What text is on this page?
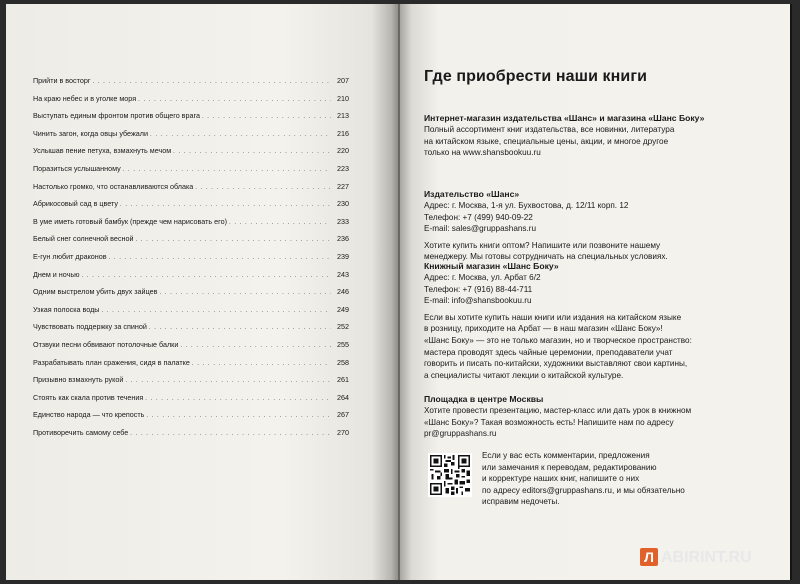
Прийти в восторг . . .	207
На краю небес и в уголке моря . . .	210
Выступать единым фронтом против общего врага . . .	213
Чинить загон, когда овцы убежали . . .	216
Услышав пение петуха, взмахнуть мечом . . .	220
Поразиться услышанному . . .	223
Настолько громко, что останавливаются облака . . .	227
Абрикосовый сад в цвету . . .	230
В уме иметь готовый бамбук (прежде чем нарисовать его) . . .	233
Белый снег солнечной весной . . .	236
Е-гун любит драконов . . .	239
Днем и ночью . . .	243
Одним выстрелом убить двух зайцев . . .	246
Узкая полоска воды . . .	249
Чувствовать поддержку за спиной . . .	252
Отзвуки песни обвивают потолочные балки . . .	255
Разрабатывать план сражения, сидя в палатке . . .	258
Призывно взмахнуть рукой . . .	261
Стоять как скала против течения . . .	264
Единство народа — что крепость . . .	267
Противоречить самому себе . . .	270
Где приобрести наши книги
Интернет-магазин издательства «Шанс» и магазина «Шанс Боку»

Полный ассортимент книг издательства, все новинки, литература

на китайском языке, специальные цены, акции, и многое другое

только на www.shansbookuu.ru

Издательство «Шанс»

Адрес: г. Москва, 1-я ул. Бухвостова, д. 12/11 корп. 12

Телефон: +7 (499) 940-09-22

E-mail: sales@gruppashans.ru

Хотите купить книги оптом? Напишите или позвоните нашему

менеджеру. Мы готовы сотрудничать на специальных условиях.

Книжный магазин «Шанс Боку»

Адрес: г. Москва, ул. Арбат 6/2

Телефон: +7 (916) 88-44-711

E-mail: info@shansbookuu.ru

Если вы хотите купить наши книги или издания на китайском языке

в розницу, приходите на Арбат — в наш магазин «Шанс Боку»!

«Шанс Боку» — это не только магазин, но и творческое пространство:

мастера проводят здесь чайные церемонии, преподаватели учат

говорить и писать по-китайски, художники выставляют свои картины,

а специалисты читают лекции о китайской культуре.

Площадка в центре Москвы

Хотите провести презентацию, мастер-класс или дать урок в книжном

«Шанс Боку»? Такая возможность есть! Напишите нам по адресу

pr@gruppashans.ru

Если у вас есть комментарии, предложения

или замечания к переводам, редактированию

и корректуре наших книг, напишите о них

по адресу editors@gruppashans.ru, и мы обязательно

исправим недочеты.

Л ABIRINT.RU
